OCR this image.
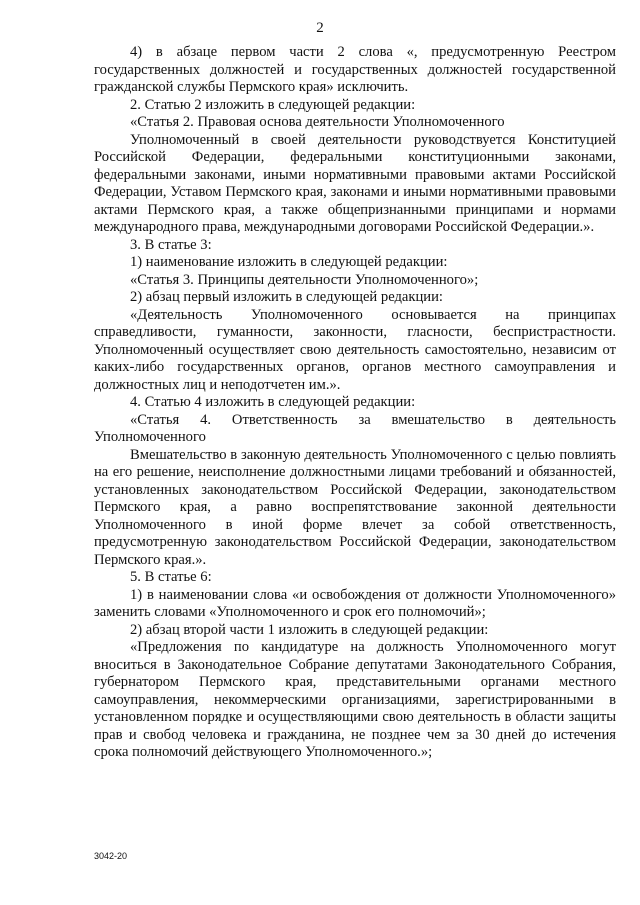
2

4) в абзаце первом части 2 слова «, предусмотренную Реестром государственных должностей и государственных должностей государственной гражданской службы Пермского края» исключить.

2. Статью 2 изложить в следующей редакции:

«Статья 2. Правовая основа деятельности Уполномоченного

Уполномоченный в своей деятельности руководствуется Конституцией Российской Федерации, федеральными конституционными законами, федеральными законами, иными нормативными правовыми актами Российской Федерации, Уставом Пермского края, законами и иными нормативными правовыми актами Пермского края, а также общепризнанными принципами и нормами международного права, международными договорами Российской Федерации.».

3. В статье 3:

1) наименование изложить в следующей редакции:

«Статья 3. Принципы деятельности Уполномоченного»;

2) абзац первый изложить в следующей редакции:

«Деятельность Уполномоченного основывается на принципах справедливости, гуманности, законности, гласности, беспристрастности. Уполномоченный осуществляет свою деятельность самостоятельно, независим от каких-либо государственных органов, органов местного самоуправления и должностных лиц и неподотчетен им.».

4. Статью 4 изложить в следующей редакции:

«Статья 4. Ответственность за вмешательство в деятельность Уполномоченного

Вмешательство в законную деятельность Уполномоченного с целью повлиять на его решение, неисполнение должностными лицами требований и обязанностей, установленных законодательством Российской Федерации, законодательством Пермского края, а равно воспрепятствование законной деятельности Уполномоченного в иной форме влечет за собой ответственность, предусмотренную законодательством Российской Федерации, законодательством Пермского края.».

5. В статье 6:

1) в наименовании слова «и освобождения от должности Уполномоченного» заменить словами «Уполномоченного и срок его полномочий»;

2) абзац второй части 1 изложить в следующей редакции:

«Предложения по кандидатуре на должность Уполномоченного могут вноситься в Законодательное Собрание депутатами Законодательного Собрания, губернатором Пермского края, представительными органами местного самоуправления, некоммерческими организациями, зарегистрированными в установленном порядке и осуществляющими свою деятельность в области защиты прав и свобод человека и гражданина, не позднее чем за 30 дней до истечения срока полномочий действующего Уполномоченного.»;

3042-20
